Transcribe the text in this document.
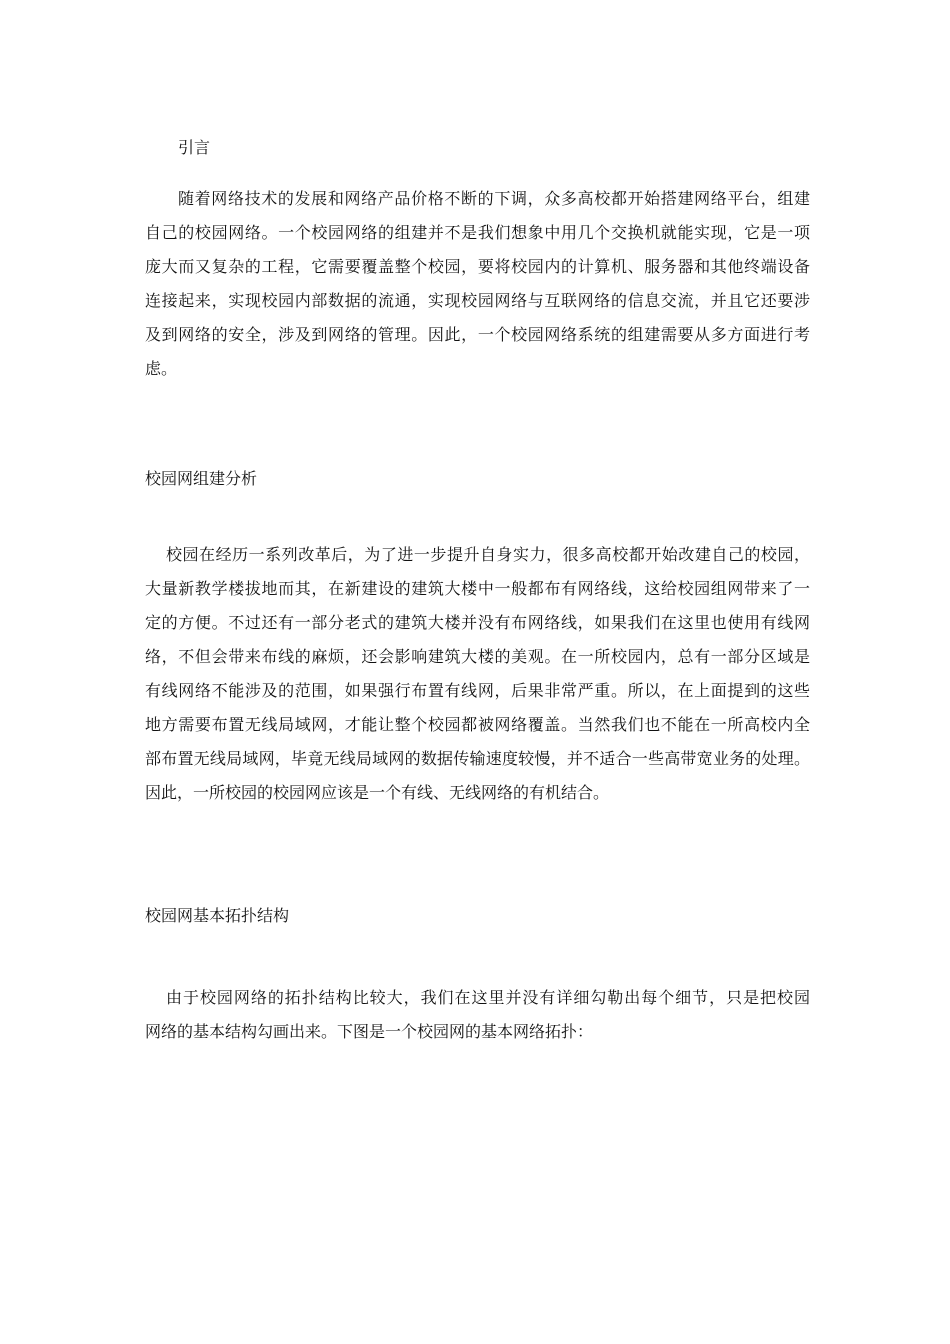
引言
随着网络技术的发展和网络产品价格不断的下调，众多高校都开始搭建网络平台，组建
自己的校园网络。一个校园网络的组建并不是我们想象中用几个交换机就能实现，它是一项
庞大而又复杂的工程，它需要覆盖整个校园，要将校园内的计算机、服务器和其他终端设备
连接起来，实现校园内部数据的流通，实现校园网络与互联网络的信息交流，并且它还要涉
及到网络的安全，涉及到网络的管理。因此，一个校园网络系统的组建需要从多方面进行考
虑。
校园网组建分析
校园在经历一系列改革后，为了进一步提升自身实力，很多高校都开始改建自己的校园，
大量新教学楼拔地而其，在新建设的建筑大楼中一般都布有网络线，这给校园组网带来了一
定的方便。不过还有一部分老式的建筑大楼并没有布网络线，如果我们在这里也使用有线网
络，不但会带来布线的麻烦，还会影响建筑大楼的美观。在一所校园内，总有一部分区域是
有线网络不能涉及的范围，如果强行布置有线网，后果非常严重。所以，在上面提到的这些
地方需要布置无线局域网，才能让整个校园都被网络覆盖。当然我们也不能在一所高校内全
部布置无线局域网，毕竟无线局域网的数据传输速度较慢，并不适合一些高带宽业务的处理。
因此，一所校园的校园网应该是一个有线、无线网络的有机结合。
校园网基本拓扑结构
由于校园网络的拓扑结构比较大，我们在这里并没有详细勾勒出每个细节，只是把校园
网络的基本结构勾画出来。下图是一个校园网的基本网络拓扑：
